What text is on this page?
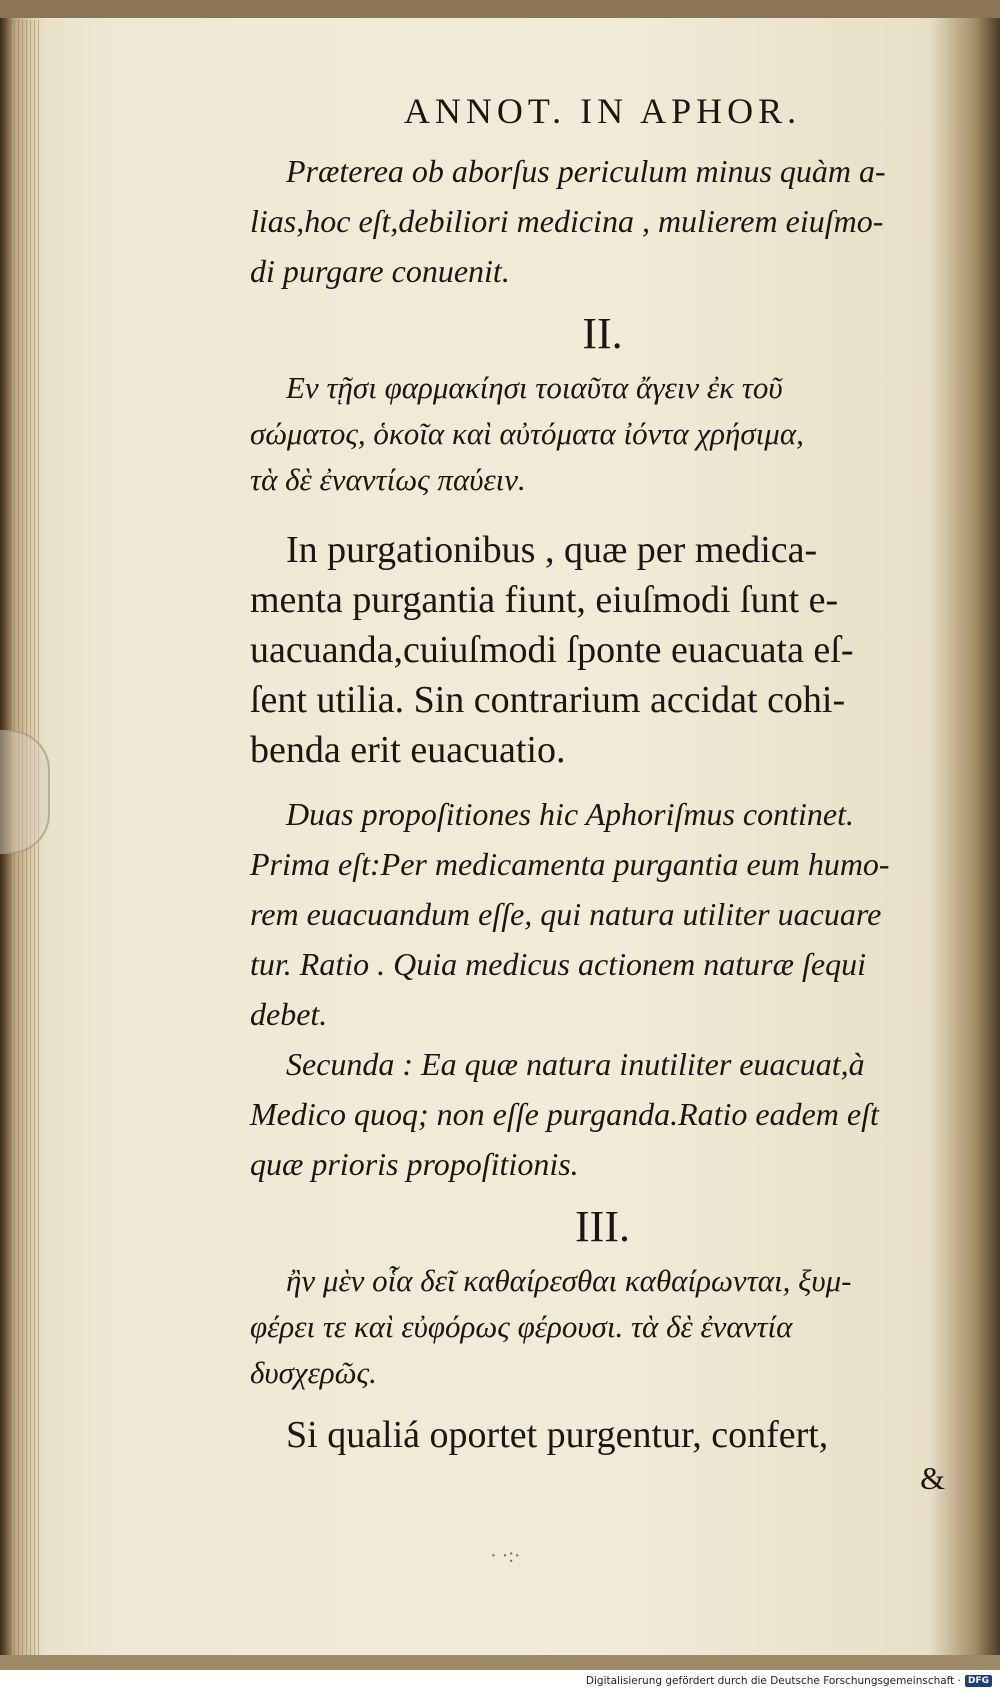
ANNOT. IN APHOR.

Præterea ob aborſus periculum minus quàm a-

lias,hoc eſt,debiliori medicina , mulierem eiuſmo-

di purgare conuenit.

II.

Εν τῇσι φαρμακίησι τοιαῦτα ἄγειν ἐκ τοῦ

σώματος, ὁκοῖα καὶ αὐτόματα ἰόντα χρήσιμα,

τὰ δὲ ἐναντίως παύειν.

In purgationibus , quæ per medica-

menta purgantia fiunt, eiuſmodi ſunt e-

uacuanda,cuiuſmodi ſponte euacuata eſ-

ſent utilia. Sin contrarium accidat cohi-

benda erit euacuatio.

Duas propoſitiones hic Aphoriſmus continet.

Prima eſt:Per medicamenta purgantia eum humo-

rem euacuandum eſſe, qui natura utiliter uacuare

tur. Ratio . Quia medicus actionem naturæ ſequi

debet.

Secunda : Ea quæ natura inutiliter euacuat,à

Medico quoq; non eſſe purganda.Ratio eadem eſt

quæ prioris propoſitionis.

III.

ἢν μὲν οἷα δεῖ καθαίρεσθαι καθαίρωνται, ξυμ-

φέρει τε καὶ εὐφόρως φέρουσι. τὰ δὲ ἐναντία

δυσχερῶς.

Si qualiá oportet purgentur, confert,

&

· ·:·
Digitalisierung gefördert durch die Deutsche Forschungsgemeinschaft · DFG
